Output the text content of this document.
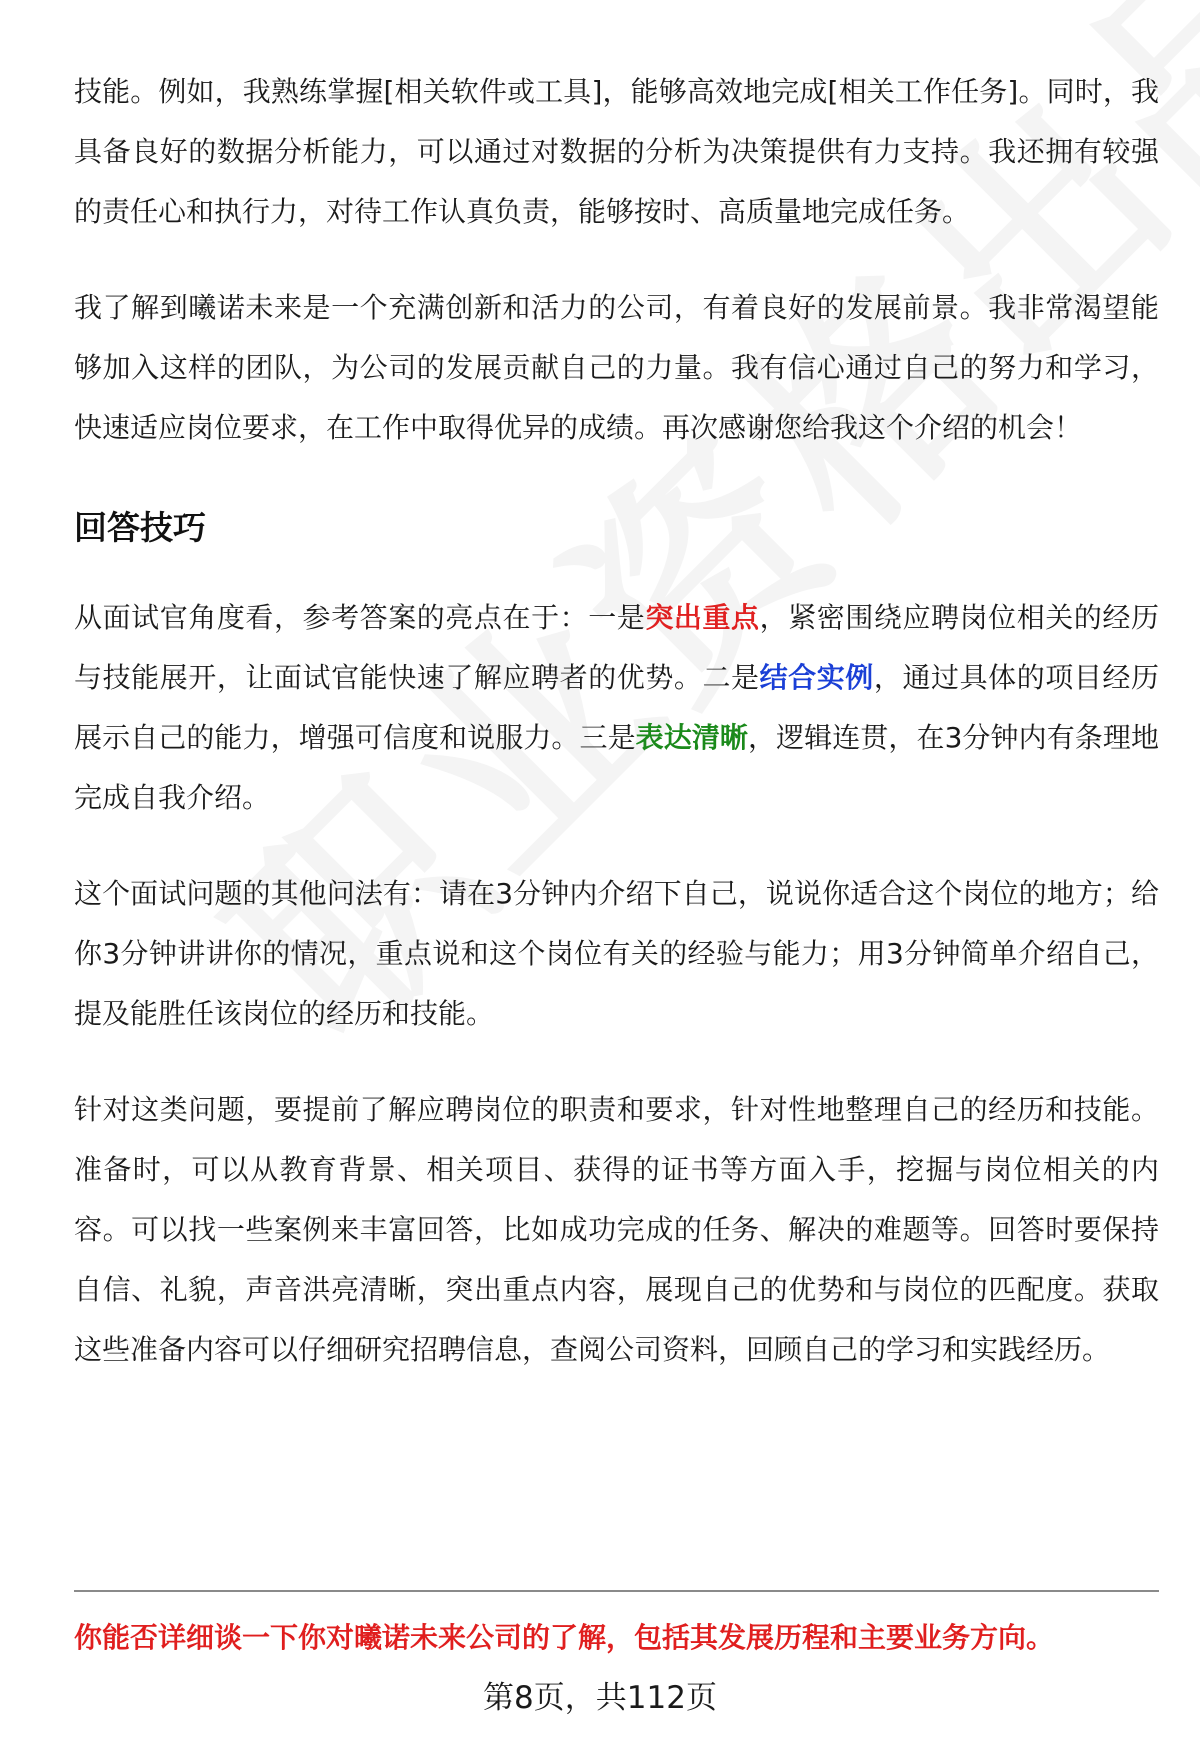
技能。例如，我熟练掌握[相关软件或工具]，能够高效地完成[相关工作任务]。同时，我具备良好的数据分析能力，可以通过对数据的分析为决策提供有力支持。我还拥有较强的责任心和执行力，对待工作认真负责，能够按时、高质量地完成任务。

我了解到曦诺未来是一个充满创新和活力的公司，有着良好的发展前景。我非常渴望能够加入这样的团队，为公司的发展贡献自己的力量。我有信心通过自己的努力和学习，快速适应岗位要求，在工作中取得优异的成绩。再次感谢您给我这个介绍的机会！

回答技巧

从面试官角度看，参考答案的亮点在于：一是突出重点，紧密围绕应聘岗位相关的经历与技能展开，让面试官能快速了解应聘者的优势。二是结合实例，通过具体的项目经历展示自己的能力，增强可信度和说服力。三是表达清晰，逻辑连贯，在3分钟内有条理地完成自我介绍。

这个面试问题的其他问法有：请在3分钟内介绍下自己，说说你适合这个岗位的地方；给你3分钟讲讲你的情况，重点说和这个岗位有关的经验与能力；用3分钟简单介绍自己，提及能胜任该岗位的经历和技能。

针对这类问题，要提前了解应聘岗位的职责和要求，针对性地整理自己的经历和技能。准备时，可以从教育背景、相关项目、获得的证书等方面入手，挖掘与岗位相关的内容。可以找一些案例来丰富回答，比如成功完成的任务、解决的难题等。回答时要保持自信、礼貌，声音洪亮清晰，突出重点内容，展现自己的优势和与岗位的匹配度。获取这些准备内容可以仔细研究招聘信息，查阅公司资料，回顾自己的学习和实践经历。

你能否详细谈一下你对曦诺未来公司的了解，包括其发展历程和主要业务方向。
第8页，共112页
